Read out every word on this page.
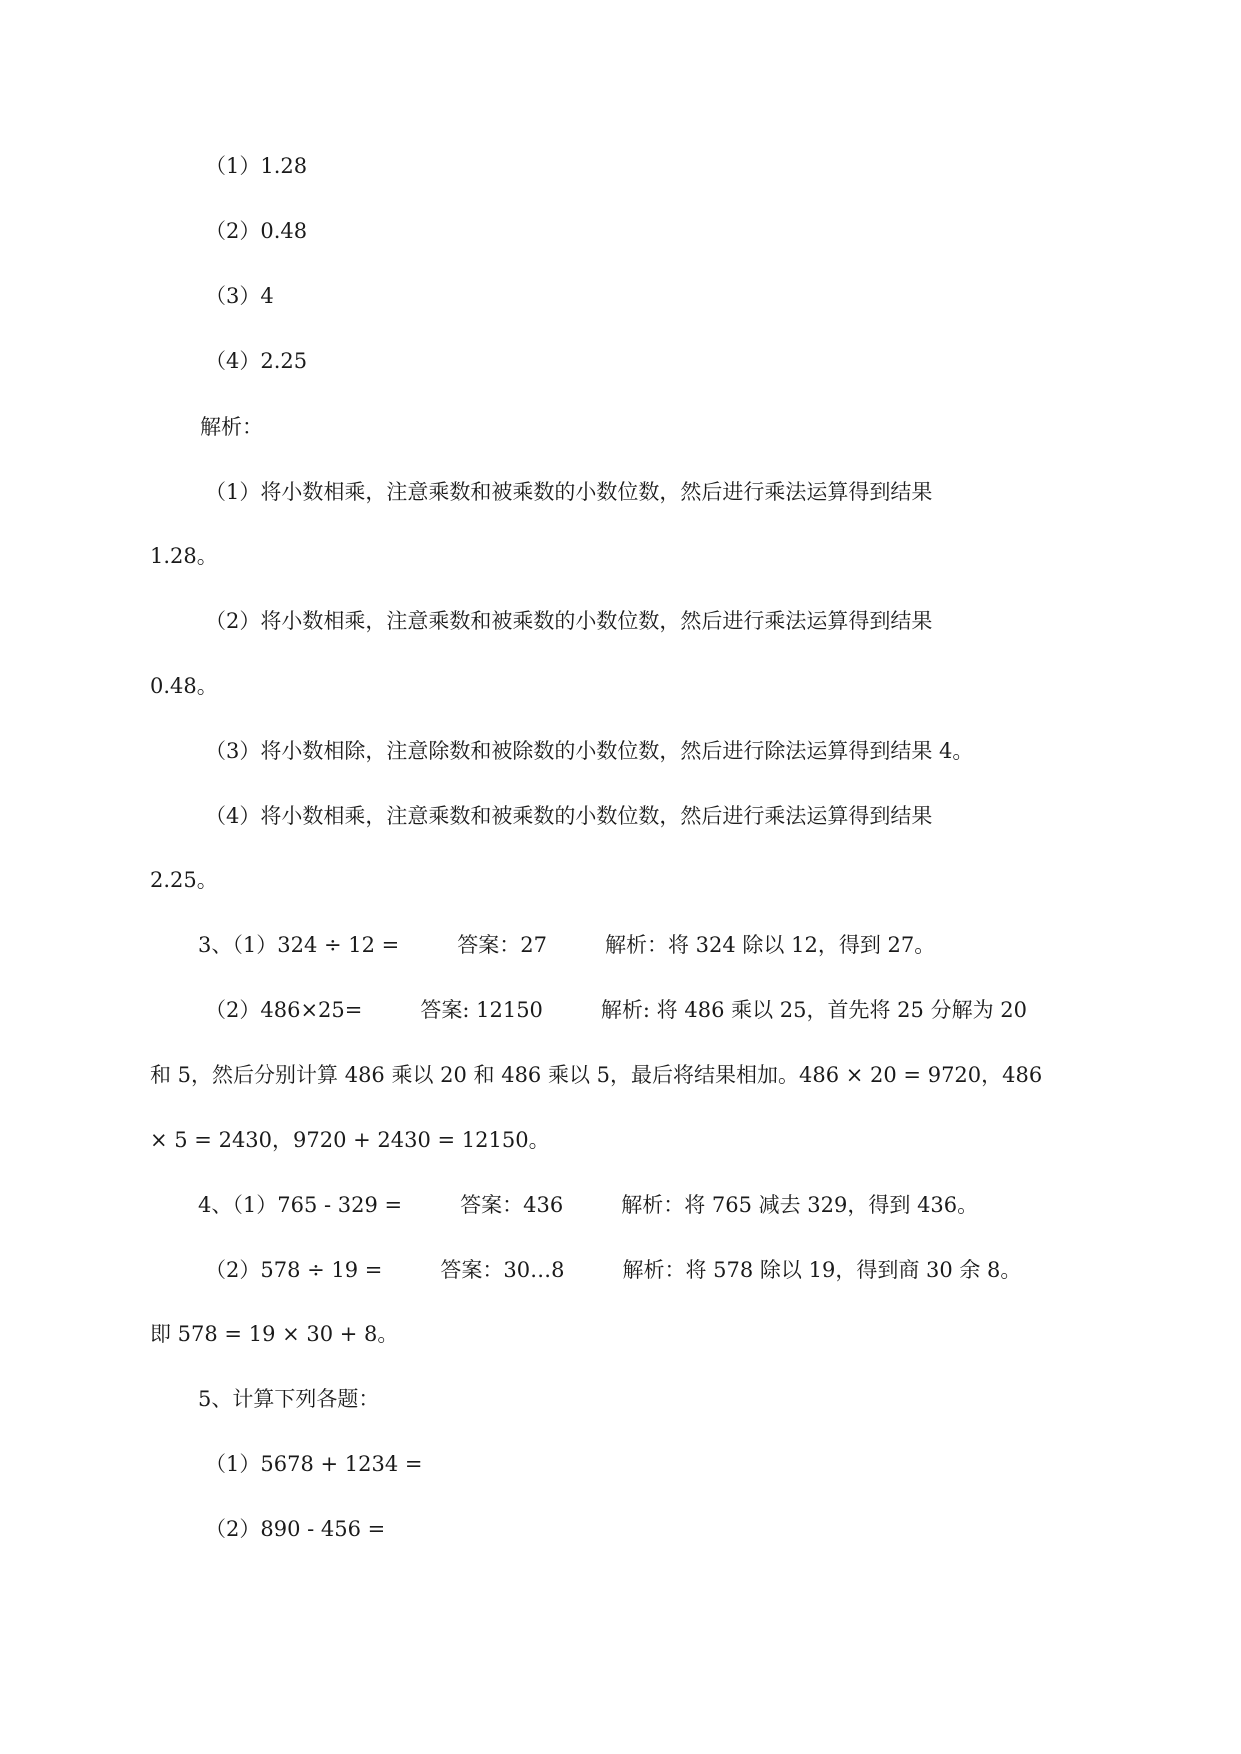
（1）1.28
（2）0.48
（3）4
（4）2.25
解析：
（1）将小数相乘，注意乘数和被乘数的小数位数，然后进行乘法运算得到结果
1.28。
（2）将小数相乘，注意乘数和被乘数的小数位数，然后进行乘法运算得到结果
0.48。
（3）将小数相除，注意除数和被除数的小数位数，然后进行除法运算得到结果 4。
（4）将小数相乘，注意乘数和被乘数的小数位数，然后进行乘法运算得到结果
2.25。
3、（1）324 ÷ 12 =	答案：27	解析：将 324 除以 12，得到 27。
（2）486×25=	答案: 12150	解析: 将 486 乘以 25，首先将 25 分解为 20
和 5，然后分别计算 486 乘以 20 和 486 乘以 5，最后将结果相加。486 × 20 = 9720，486
× 5 = 2430，9720 + 2430 = 12150。
4、（1）765 - 329 =	答案：436	解析：将 765 减去 329，得到 436。
（2）578 ÷ 19 =	答案：30…8	解析：将 578 除以 19，得到商 30 余 8。
即 578 = 19 × 30 + 8。
5、计算下列各题：
（1）5678 + 1234 =
（2）890 - 456 =
